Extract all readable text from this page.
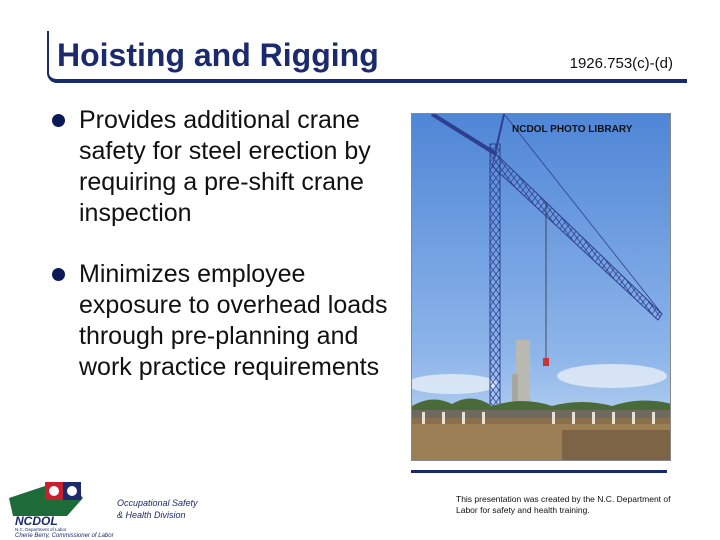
Hoisting and Rigging	1926.753(c)-(d)
Provides additional crane safety for steel erection by requiring a pre-shift crane inspection
Minimizes employee exposure to overhead loads through pre-planning and work practice requirements
NCDOL PHOTO LIBRARY
NCDOL
N.C. Department of Labor
Cherie Berry, Commissioner of Labor
Occupational Safety
& Health Division
This presentation was created by the N.C. Department of Labor for safety and health training.
